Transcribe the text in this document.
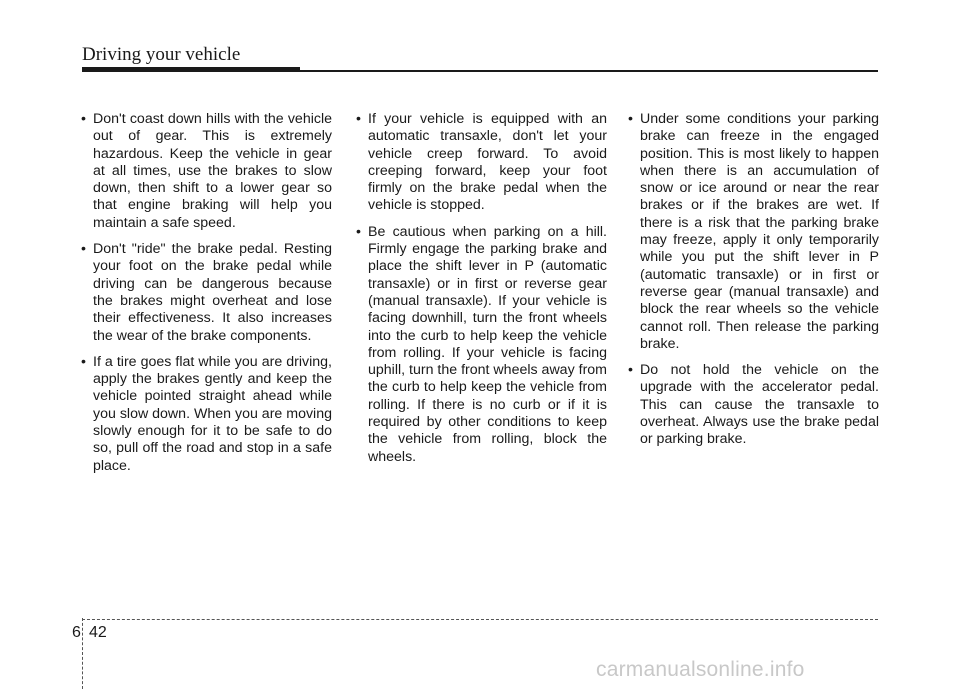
Driving your vehicle
• Don't coast down hills with the vehicle out of gear. This is extremely hazardous. Keep the vehicle in gear at all times, use the brakes to slow down, then shift to a lower gear so that engine braking will help you maintain a safe speed.
• Don't "ride" the brake pedal. Resting your foot on the brake pedal while driving can be dangerous because the brakes might overheat and lose their effectiveness. It also increases the wear of the brake components.
• If a tire goes flat while you are driving, apply the brakes gently and keep the vehicle pointed straight ahead while you slow down. When you are moving slowly enough for it to be safe to do so, pull off the road and stop in a safe place.
• If your vehicle is equipped with an automatic transaxle, don't let your vehicle creep forward. To avoid creeping forward, keep your foot firmly on the brake pedal when the vehicle is stopped.
• Be cautious when parking on a hill. Firmly engage the parking brake and place the shift lever in P (automatic transaxle) or in first or reverse gear (manual transaxle). If your vehicle is facing downhill, turn the front wheels into the curb to help keep the vehicle from rolling. If your vehicle is facing uphill, turn the front wheels away from the curb to help keep the vehicle from rolling. If there is no curb or if it is required by other conditions to keep the vehicle from rolling, block the wheels.
• Under some conditions your parking brake can freeze in the engaged position. This is most likely to happen when there is an accumulation of snow or ice around or near the rear brakes or if the brakes are wet. If there is a risk that the parking brake may freeze, apply it only temporarily while you put the shift lever in P (automatic transaxle) or in first or reverse gear (manual transaxle) and block the rear wheels so the vehicle cannot roll. Then release the parking brake.
• Do not hold the vehicle on the upgrade with the accelerator pedal. This can cause the transaxle to overheat. Always use the brake pedal or parking brake.
6 42
carmanualsonline.info
